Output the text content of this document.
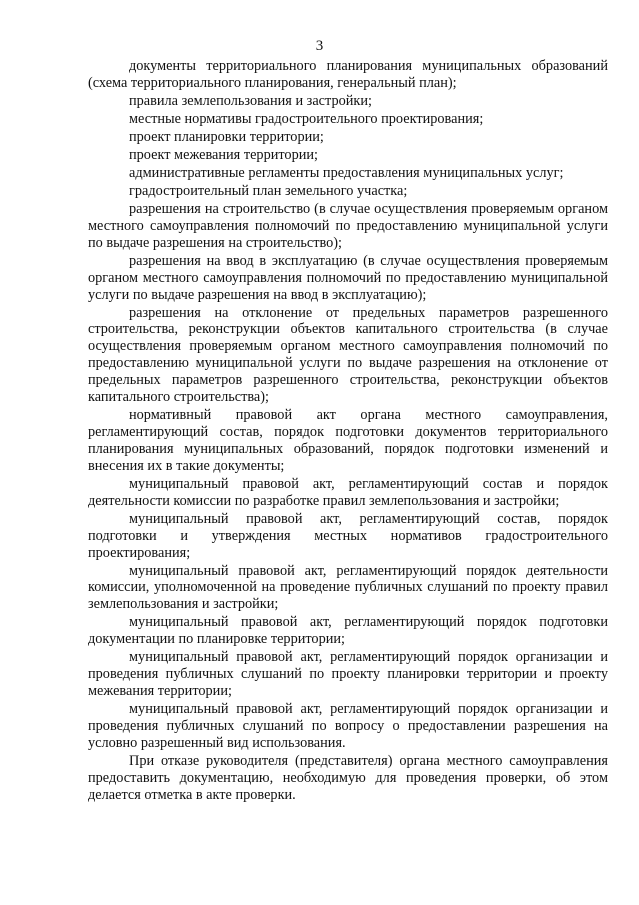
3

документы территориального планирования муниципальных образований (схема территориального планирования, генеральный план);

правила землепользования и застройки;

местные нормативы градостроительного проектирования;

проект планировки территории;

проект межевания территории;

административные регламенты предоставления муниципальных услуг;

градостроительный план земельного участка;

разрешения на строительство (в случае осуществления проверяемым органом местного самоуправления полномочий по предоставлению муниципальной услуги по выдаче разрешения на строительство);

разрешения на ввод в эксплуатацию (в случае осуществления проверяемым органом местного самоуправления полномочий по предоставлению муниципальной услуги по выдаче разрешения на ввод в эксплуатацию);

разрешения на отклонение от предельных параметров разрешенного строительства, реконструкции объектов капитального строительства (в случае осуществления проверяемым органом местного самоуправления полномочий по предоставлению муниципальной услуги по выдаче разрешения на отклонение от предельных параметров разрешенного строительства, реконструкции объектов капитального строительства);

нормативный правовой акт органа местного самоуправления, регламентирующий состав, порядок подготовки документов территориального планирования муниципальных образований, порядок подготовки изменений и внесения их в такие документы;

муниципальный правовой акт, регламентирующий состав и порядок деятельности комиссии по разработке правил землепользования и застройки;

муниципальный правовой акт, регламентирующий состав, порядок подготовки и утверждения местных нормативов градостроительного проектирования;

муниципальный правовой акт, регламентирующий порядок деятельности комиссии, уполномоченной на проведение публичных слушаний по проекту правил землепользования и застройки;

муниципальный правовой акт, регламентирующий порядок подготовки документации по планировке территории;

муниципальный правовой акт, регламентирующий порядок организации и проведения публичных слушаний по проекту планировки территории и проекту межевания территории;

муниципальный правовой акт, регламентирующий порядок организации и проведения публичных слушаний по вопросу о предоставлении разрешения на условно разрешенный вид использования.

При отказе руководителя (представителя) органа местного самоуправления предоставить документацию, необходимую для проведения проверки, об этом делается отметка в акте проверки.
